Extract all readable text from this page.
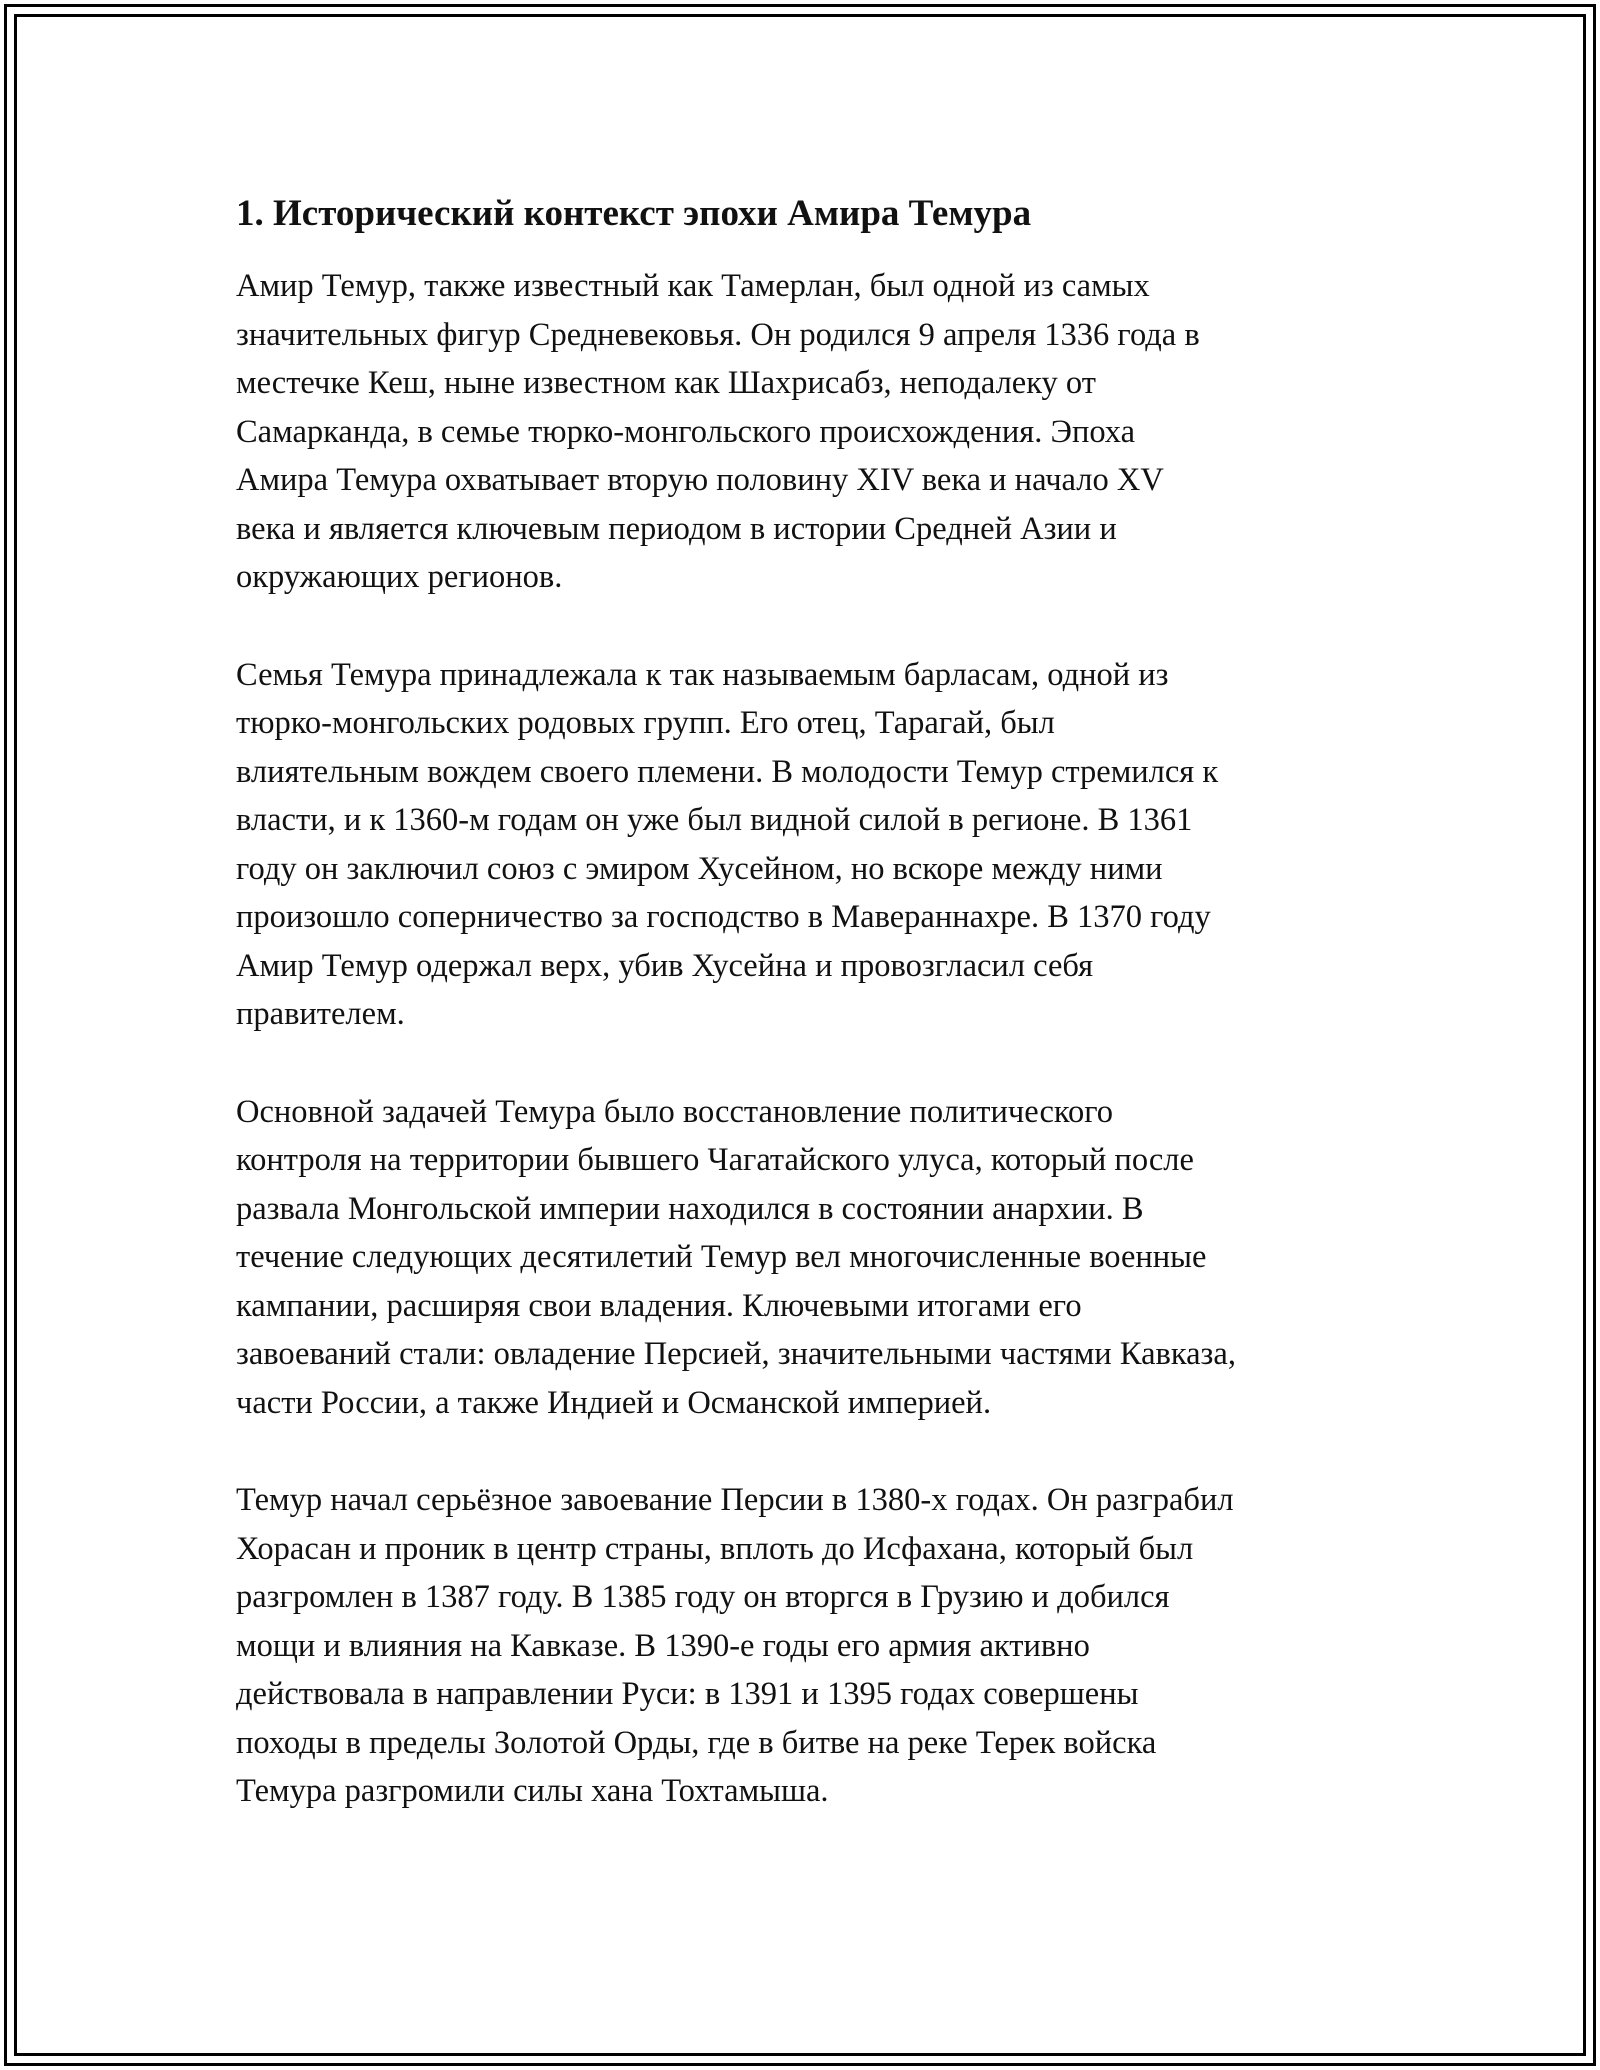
1. Исторический контекст эпохи Амира Темура
Амир Темур, также известный как Тамерлан, был одной из самых
значительных фигур Средневековья. Он родился 9 апреля 1336 года в
местечке Кеш, ныне известном как Шахрисабз, неподалеку от
Самарканда, в семье тюрко-монгольского происхождения. Эпоха
Амира Темура охватывает вторую половину XIV века и начало XV
века и является ключевым периодом в истории Средней Азии и
окружающих регионов.
Семья Темура принадлежала к так называемым барласам, одной из
тюрко-монгольских родовых групп. Его отец, Тарагай, был
влиятельным вождем своего племени. В молодости Темур стремился к
власти, и к 1360-м годам он уже был видной силой в регионе. В 1361
году он заключил союз с эмиром Хусейном, но вскоре между ними
произошло соперничество за господство в Мавераннахре. В 1370 году
Амир Темур одержал верх, убив Хусейна и провозгласил себя
правителем.
Основной задачей Темура было восстановление политического
контроля на территории бывшего Чагатайского улуса, который после
развала Монгольской империи находился в состоянии анархии. В
течение следующих десятилетий Темур вел многочисленные военные
кампании, расширяя свои владения. Ключевыми итогами его
завоеваний стали: овладение Персией, значительными частями Кавказа,
части России, а также Индией и Османской империей.
Темур начал серьёзное завоевание Персии в 1380-х годах. Он разграбил
Хорасан и проник в центр страны, вплоть до Исфахана, который был
разгромлен в 1387 году. В 1385 году он вторгся в Грузию и добился
мощи и влияния на Кавказе. В 1390-е годы его армия активно
действовала в направлении Руси: в 1391 и 1395 годах совершены
походы в пределы Золотой Орды, где в битве на реке Терек войска
Темура разгромили силы хана Тохтамыша.
